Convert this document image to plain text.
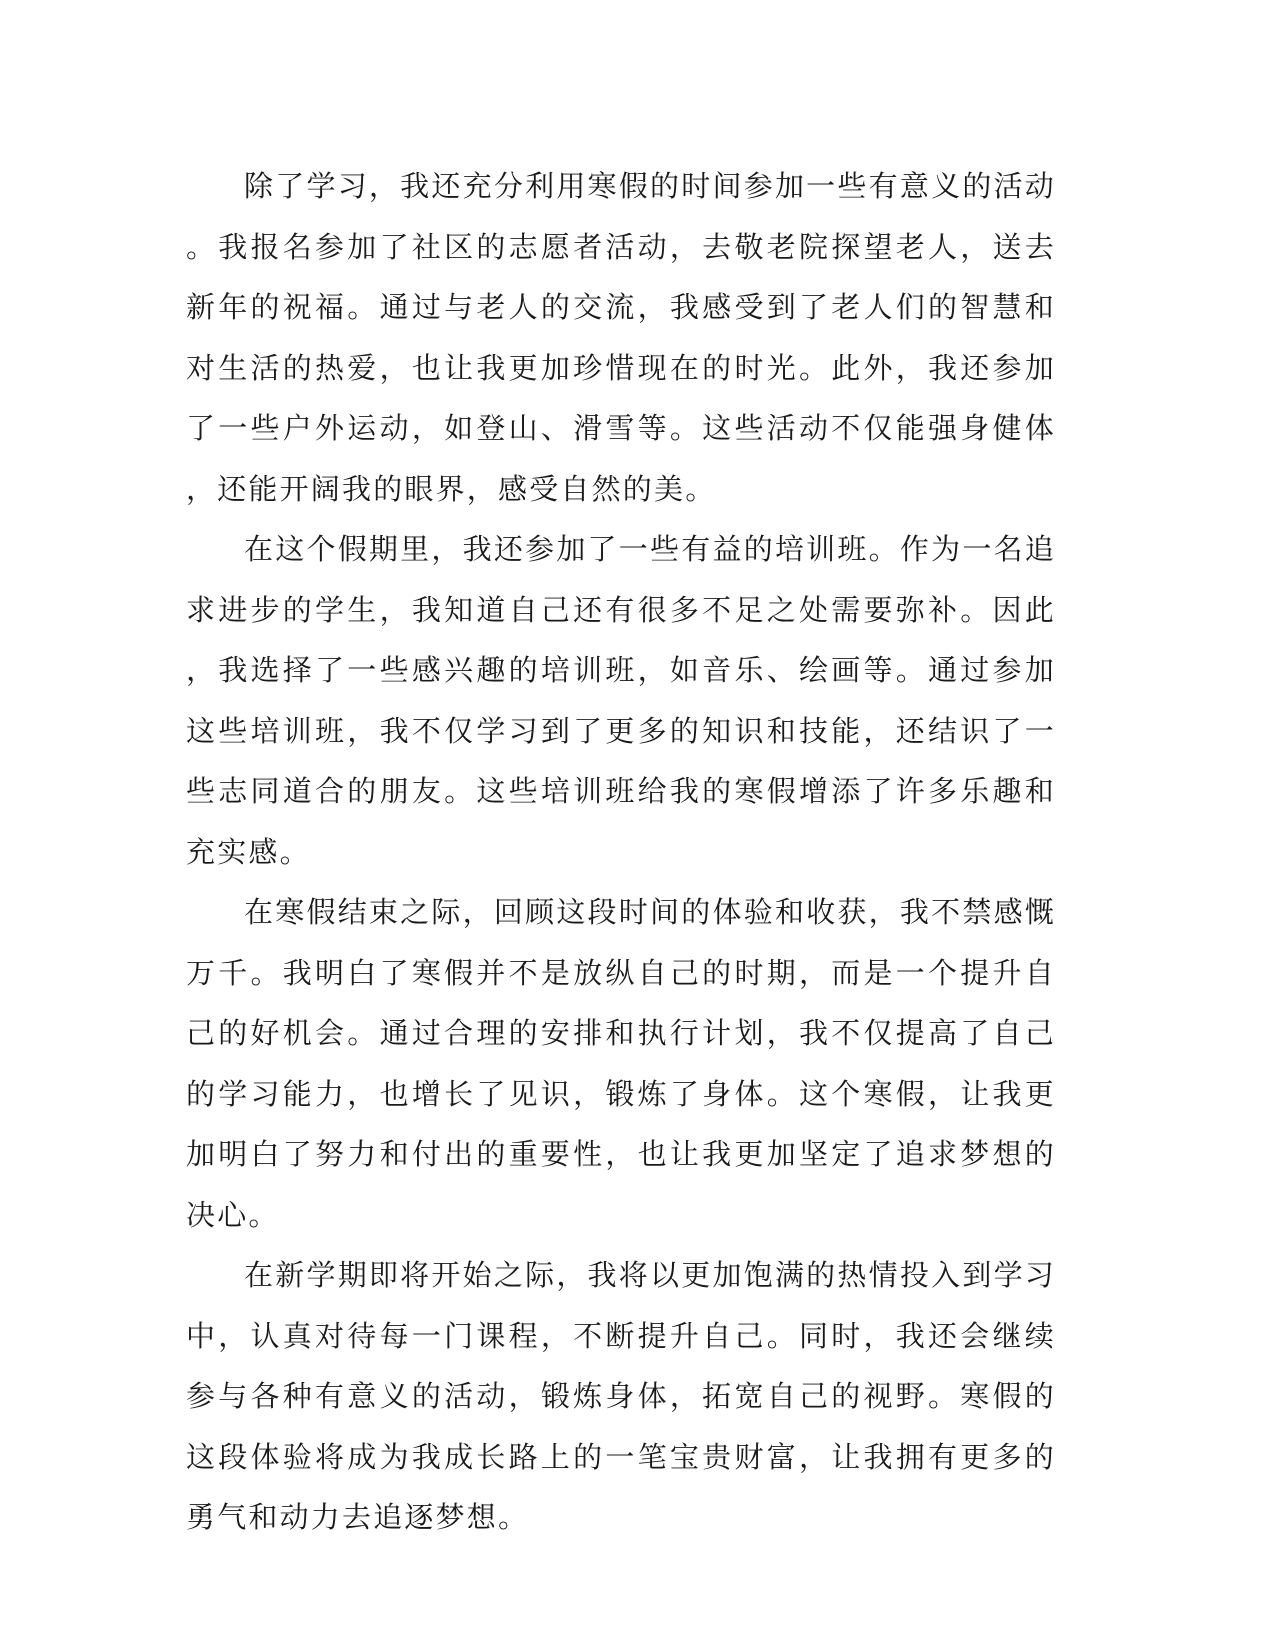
除了学习，我还充分利用寒假的时间参加一些有意义的活动。我报名参加了社区的志愿者活动，去敬老院探望老人，送去新年的祝福。通过与老人的交流，我感受到了老人们的智慧和对生活的热爱，也让我更加珍惜现在的时光。此外，我还参加了一些户外运动，如登山、滑雪等。这些活动不仅能强身健体，还能开阔我的眼界，感受自然的美。

在这个假期里，我还参加了一些有益的培训班。作为一名追求进步的学生，我知道自己还有很多不足之处需要弥补。因此，我选择了一些感兴趣的培训班，如音乐、绘画等。通过参加这些培训班，我不仅学习到了更多的知识和技能，还结识了一些志同道合的朋友。这些培训班给我的寒假增添了许多乐趣和充实感。

在寒假结束之际，回顾这段时间的体验和收获，我不禁感慨万千。我明白了寒假并不是放纵自己的时期，而是一个提升自己的好机会。通过合理的安排和执行计划，我不仅提高了自己的学习能力，也增长了见识，锻炼了身体。这个寒假，让我更加明白了努力和付出的重要性，也让我更加坚定了追求梦想的决心。

在新学期即将开始之际，我将以更加饱满的热情投入到学习中，认真对待每一门课程，不断提升自己。同时，我还会继续参与各种有意义的活动，锻炼身体，拓宽自己的视野。寒假的这段体验将成为我成长路上的一笔宝贵财富，让我拥有更多的勇气和动力去追逐梦想。
